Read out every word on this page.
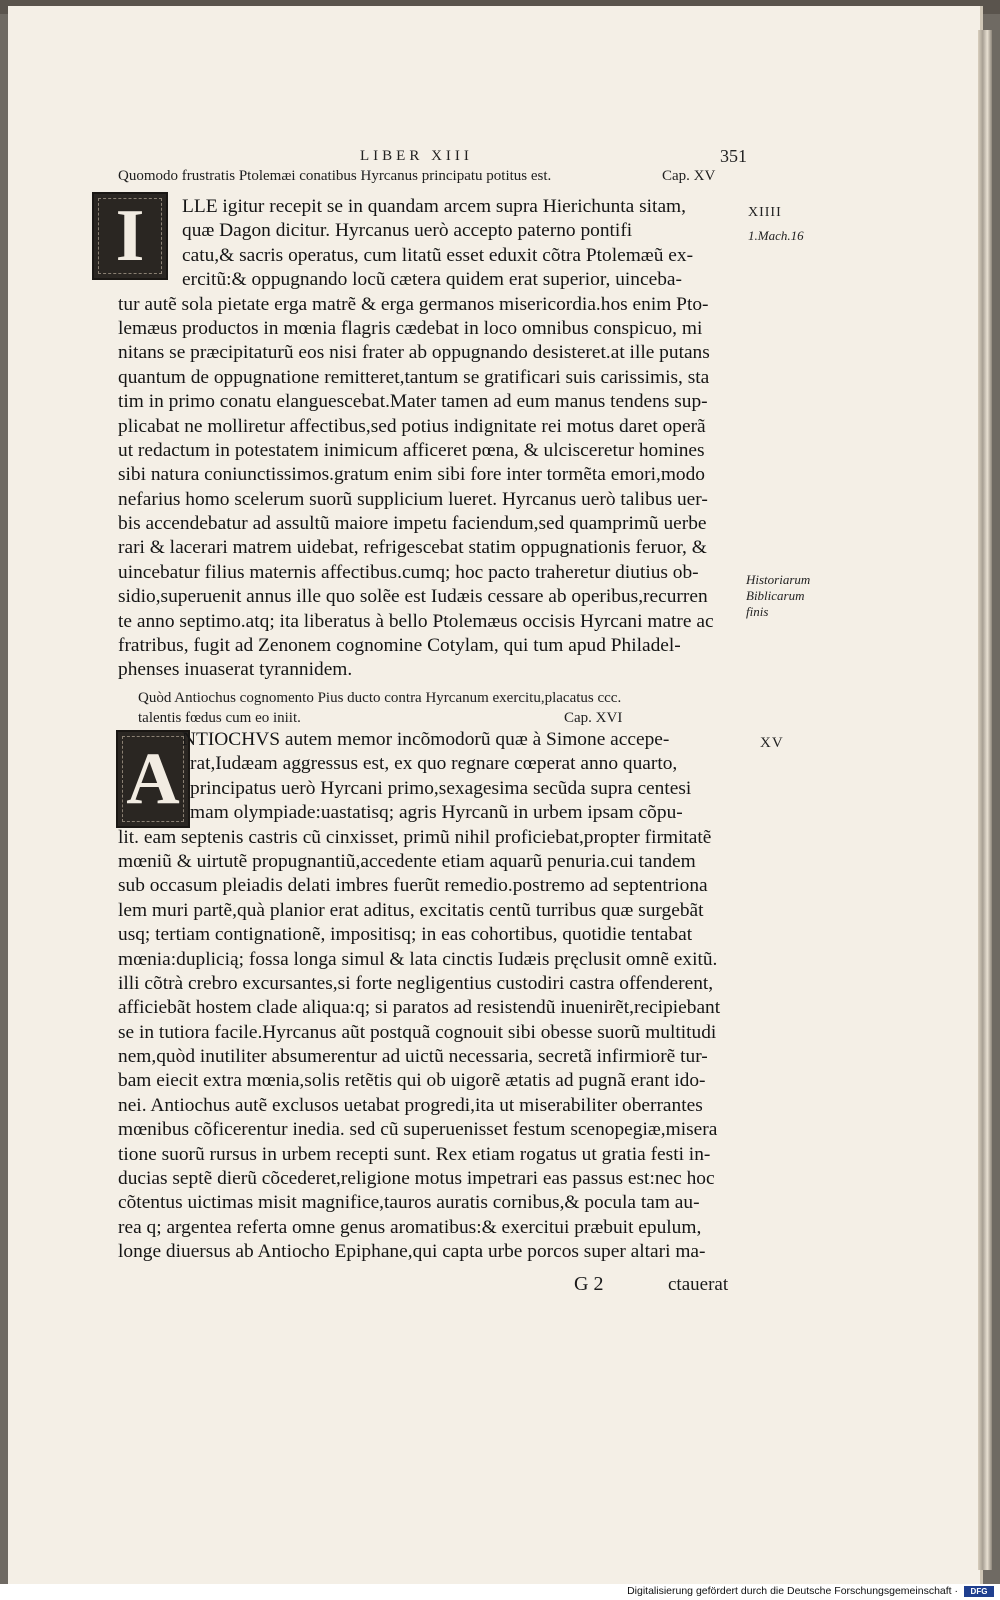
LIBER XIII	351
Quomodo frustratis Ptolemæi conatibus Hyrcanus principatu potitus est.	Cap. XV
I	LLE igitur recepit se in quandam arcem supra Hierichunta sitam,
quæ Dagon dicitur. Hyrcanus uerò accepto paterno pontifi
catu,& sacris operatus, cum litatũ esset eduxit cõtra Ptolemæũ ex-
ercitũ:& oppugnando locũ cætera quidem erat superior, uinceba-
tur autẽ sola pietate erga matrẽ & erga germanos misericordia.hos enim Pto-
lemæus productos in mœnia flagris cædebat in loco omnibus conspicuo, mi
nitans se præcipitaturũ eos nisi frater ab oppugnando desisteret.at ille putans
quantum de oppugnatione remitteret,tantum se gratificari suis carissimis, sta
tim in primo conatu elanguescebat.Mater tamen ad eum manus tendens sup-
plicabat ne molliretur affectibus,sed potius indignitate rei motus daret operã
ut redactum in potestatem inimicum afficeret pœna, & ulcisceretur homines
sibi natura coniunctissimos.gratum enim sibi fore inter tormẽta emori,modo
nefarius homo scelerum suorũ supplicium lueret. Hyrcanus uerò talibus uer-
bis accendebatur ad assultũ maiore impetu faciendum,sed quamprimũ uerbe
rari & lacerari matrem uidebat, refrigescebat statim oppugnationis feruor, &
uincebatur filius maternis affectibus.cumq; hoc pacto traheretur diutius ob-
sidio,superuenit annus ille quo solẽe est Iudæis cessare ab operibus,recurren
te anno septimo.atq; ita liberatus à bello Ptolemæus occisis Hyrcani matre ac
fratribus, fugit ad Zenonem cognomine Cotylam, qui tum apud Philadel-
phenses inuaserat tyrannidem.
XIIII
1.Mach.16
Historiarum
Biblicarum
finis
Quòd Antiochus cognomento Pius ducto contra Hyrcanum exercitu,placatus ccc.
talentis fœdus cum eo iniit.	Cap. XVI
A	XV
NTIOCHVS autem memor incõmodorũ quæ à Simone accepe-
rat,Iudæam aggressus est, ex quo regnare cœperat anno quarto,
principatus uerò Hyrcani primo,sexagesima secũda supra centesi
mam olympiade:uastatisq; agris Hyrcanũ in urbem ipsam cõpu-
lit. eam septenis castris cũ cinxisset, primũ nihil proficiebat,propter firmitatẽ
mœniũ & uirtutẽ propugnantiũ,accedente etiam aquarũ penuria.cui tandem
sub occasum pleiadis delati imbres fuerũt remedio.postremo ad septentriona
lem muri partẽ,quà planior erat aditus, excitatis centũ turribus quæ surgebãt
usq; tertiam contignationẽ, impositisq; in eas cohortibus, quotidie tentabat
mœnia:duplicią; fossa longa simul & lata cinctis Iudæis pręclusit omnẽ exitũ.
illi cõtrà crebro excursantes,si forte negligentius custodiri castra offenderent,
afficiebãt hostem clade aliqua:q; si paratos ad resistendũ inuenirẽt,recipiebant
se in tutiora facile.Hyrcanus aũt postquã cognouit sibi obesse suorũ multitudi
nem,quòd inutiliter absumerentur ad uictũ necessaria, secretã infirmiorẽ tur-
bam eiecit extra mœnia,solis retẽtis qui ob uigorẽ ætatis ad pugnã erant ido-
nei. Antiochus autẽ exclusos uetabat progredi,ita ut miserabiliter oberrantes
mœnibus cõficerentur inedia. sed cũ superuenisset festum scenopegiæ,misera
tione suorũ rursus in urbem recepti sunt. Rex etiam rogatus ut gratia festi in-
ducias septẽ dierũ cõcederet,religione motus impetrari eas passus est:nec hoc
cõtentus uictimas misit magnifice,tauros auratis cornibus,& pocula tam au-
rea q; argentea referta omne genus aromatibus:& exercitui præbuit epulum,
longe diuersus ab Antiocho Epiphane,qui capta urbe porcos super altari ma-
G 2	ctauerat
Digitalisierung gefördert durch die Deutsche Forschungsgemeinschaft ·	DFG
